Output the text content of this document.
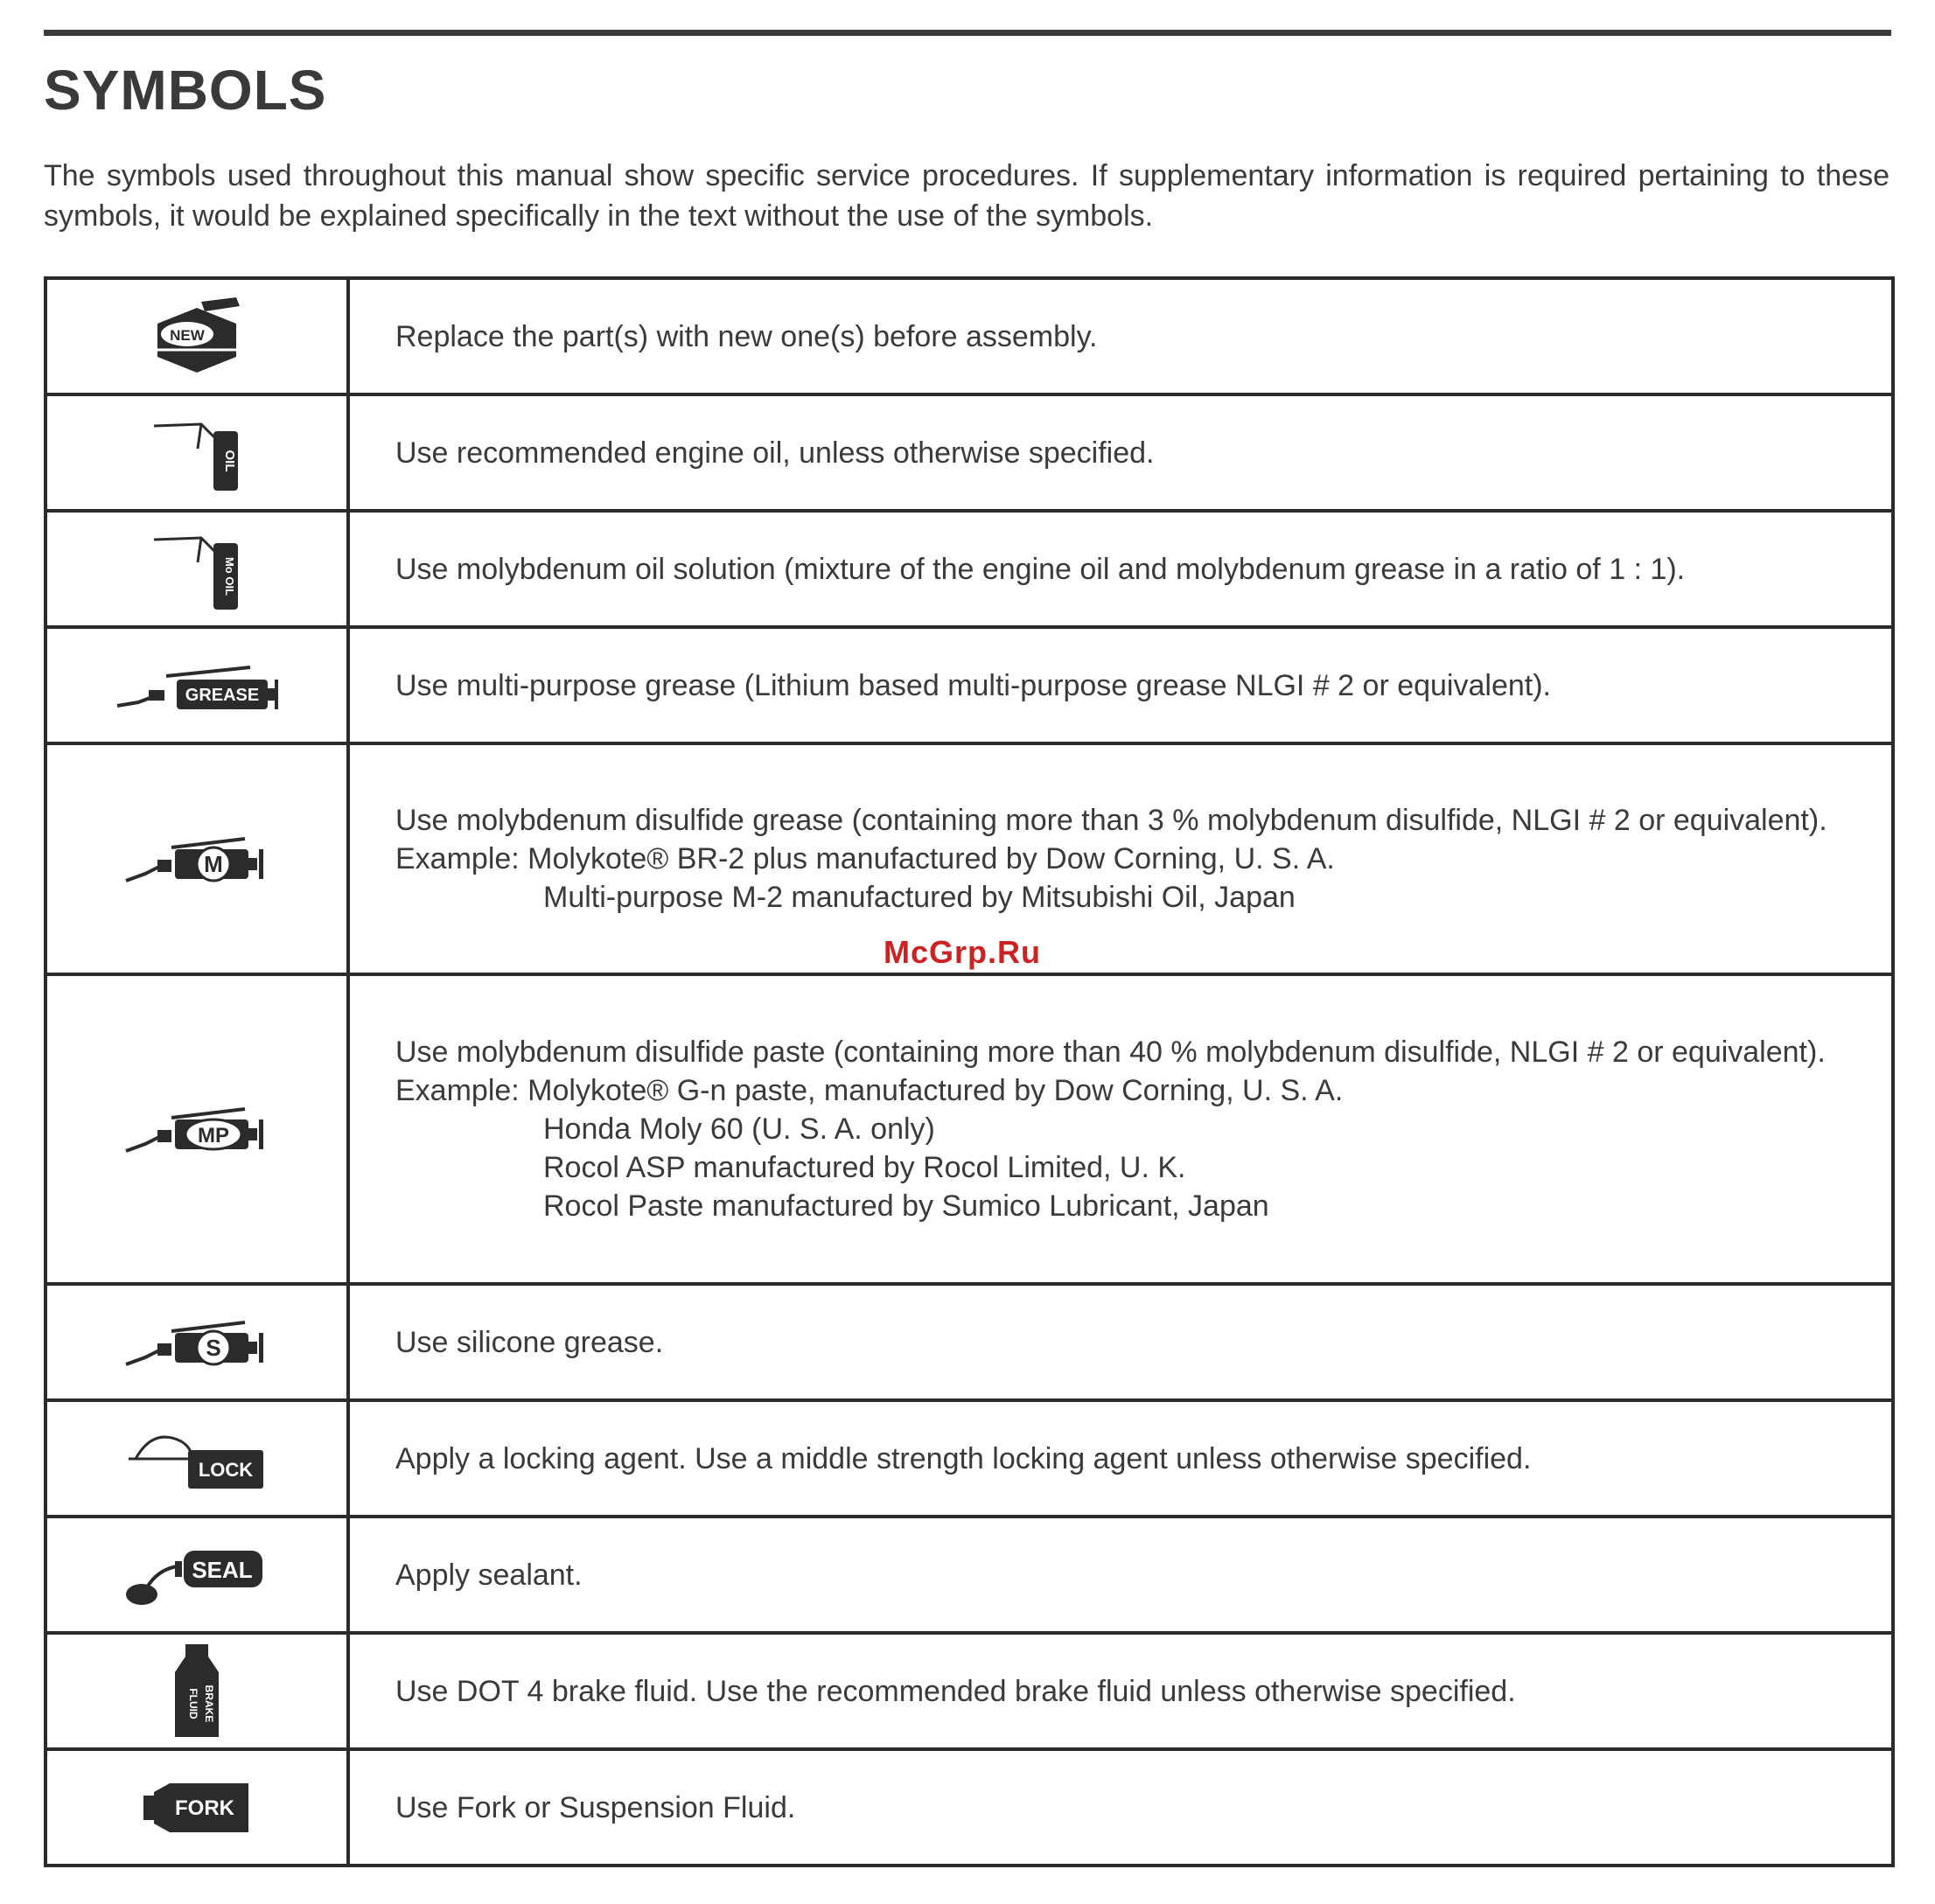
SYMBOLS

The symbols used throughout this manual show specific service procedures. If supplementary information is required pertaining to these symbols, it would be explained specifically in the text without the use of the symbols.

NEW	Replace the part(s) with new one(s) before assembly.

OIL	Use recommended engine oil, unless otherwise specified.

Mo OIL	Use molybdenum oil solution (mixture of the engine oil and molybdenum grease in a ratio of 1 : 1).

GREASE	Use multi-purpose grease (Lithium based multi-purpose grease NLGI # 2 or equivalent).

M	Use molybdenum disulfide grease (containing more than 3 % molybdenum disulfide, NLGI # 2 or equivalent).
Example: Molykote® BR-2 plus manufactured by Dow Corning, U. S. A.
Multi-purpose M-2 manufactured by Mitsubishi Oil, Japan

MP	Use molybdenum disulfide paste (containing more than 40 % molybdenum disulfide, NLGI # 2 or equivalent).
Example: Molykote® G-n paste, manufactured by Dow Corning, U. S. A.
Honda Moly 60 (U. S. A. only)
Rocol ASP manufactured by Rocol Limited, U. K.
Rocol Paste manufactured by Sumico Lubricant, Japan

S	Use silicone grease.

LOCK	Apply a locking agent. Use a middle strength locking agent unless otherwise specified.

SEAL	Apply sealant.

BRAKE
FLUID	Use DOT 4 brake fluid. Use the recommended brake fluid unless otherwise specified.

FORK	Use Fork or Suspension Fluid.
McGrp.Ru
